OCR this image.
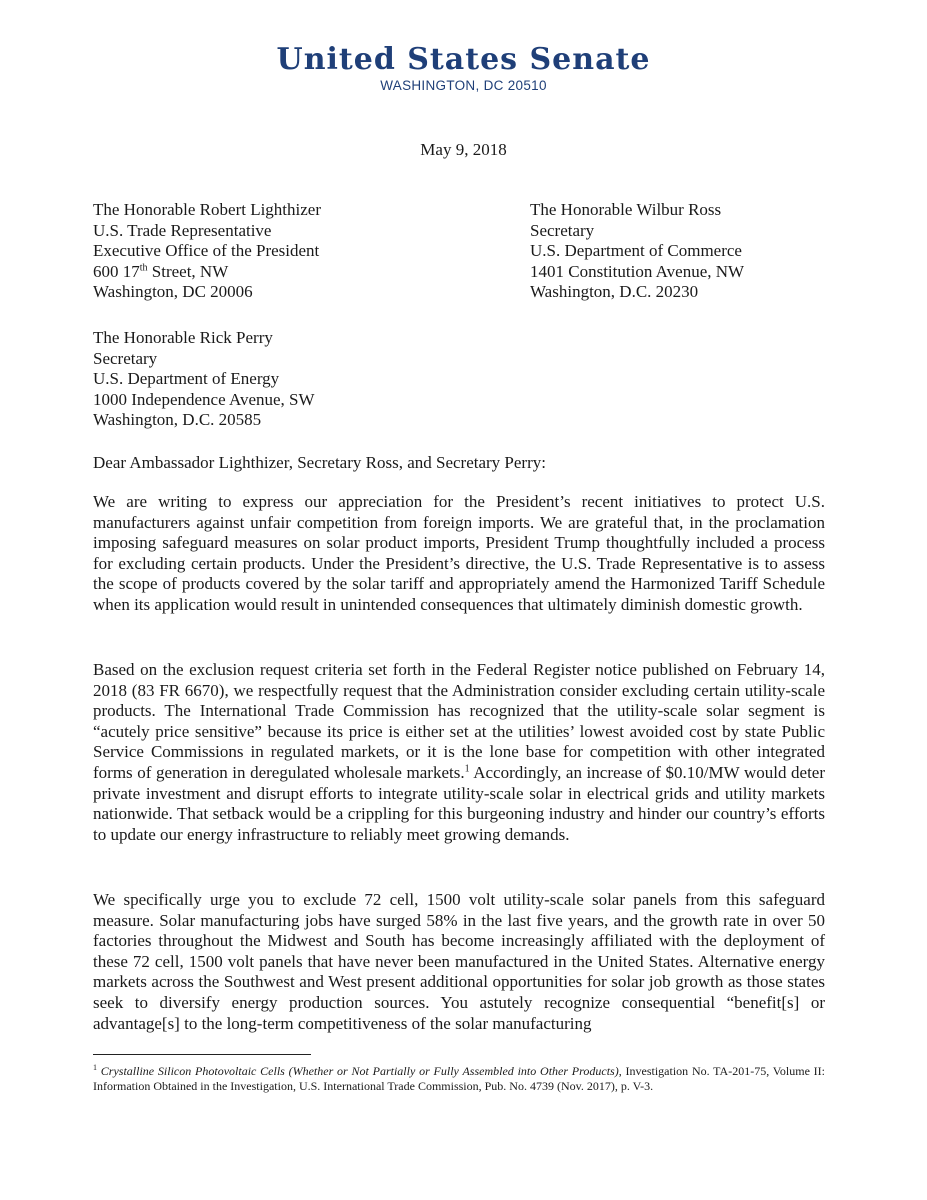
United States Senate
WASHINGTON, DC 20510
May 9, 2018
The Honorable Robert Lighthizer
U.S. Trade Representative
Executive Office of the President
600 17th Street, NW
Washington, DC 20006
The Honorable Wilbur Ross
Secretary
U.S. Department of Commerce
1401 Constitution Avenue, NW
Washington, D.C. 20230
The Honorable Rick Perry
Secretary
U.S. Department of Energy
1000 Independence Avenue, SW
Washington, D.C. 20585
Dear Ambassador Lighthizer, Secretary Ross, and Secretary Perry:

We are writing to express our appreciation for the President’s recent initiatives to protect U.S. manufacturers against unfair competition from foreign imports. We are grateful that, in the proclamation imposing safeguard measures on solar product imports, President Trump thoughtfully included a process for excluding certain products. Under the President’s directive, the U.S. Trade Representative is to assess the scope of products covered by the solar tariff and appropriately amend the Harmonized Tariff Schedule when its application would result in unintended consequences that ultimately diminish domestic growth.

Based on the exclusion request criteria set forth in the Federal Register notice published on February 14, 2018 (83 FR 6670), we respectfully request that the Administration consider excluding certain utility-scale products. The International Trade Commission has recognized that the utility-scale solar segment is “acutely price sensitive” because its price is either set at the utilities’ lowest avoided cost by state Public Service Commissions in regulated markets, or it is the lone base for competition with other integrated forms of generation in deregulated wholesale markets.$^1$ Accordingly, an increase of $0.10/MW would deter private investment and disrupt efforts to integrate utility-scale solar in electrical grids and utility markets nationwide. That setback would be a crippling for this burgeoning industry and hinder our country’s efforts to update our energy infrastructure to reliably meet growing demands.

We specifically urge you to exclude 72 cell, 1500 volt utility-scale solar panels from this safeguard measure. Solar manufacturing jobs have surged 58% in the last five years, and the growth rate in over 50 factories throughout the Midwest and South has become increasingly affiliated with the deployment of these 72 cell, 1500 volt panels that have never been manufactured in the United States. Alternative energy markets across the Southwest and West present additional opportunities for solar job growth as those states seek to diversify energy production sources. You astutely recognize consequential “benefit[s] or advantage[s] to the long-term competitiveness of the solar manufacturing

$^1$ Crystalline Silicon Photovoltaic Cells (Whether or Not Partially or Fully Assembled into Other Products), Investigation No. TA-201-75, Volume II: Information Obtained in the Investigation, U.S. International Trade Commission, Pub. No. 4739 (Nov. 2017), p. V-3.
